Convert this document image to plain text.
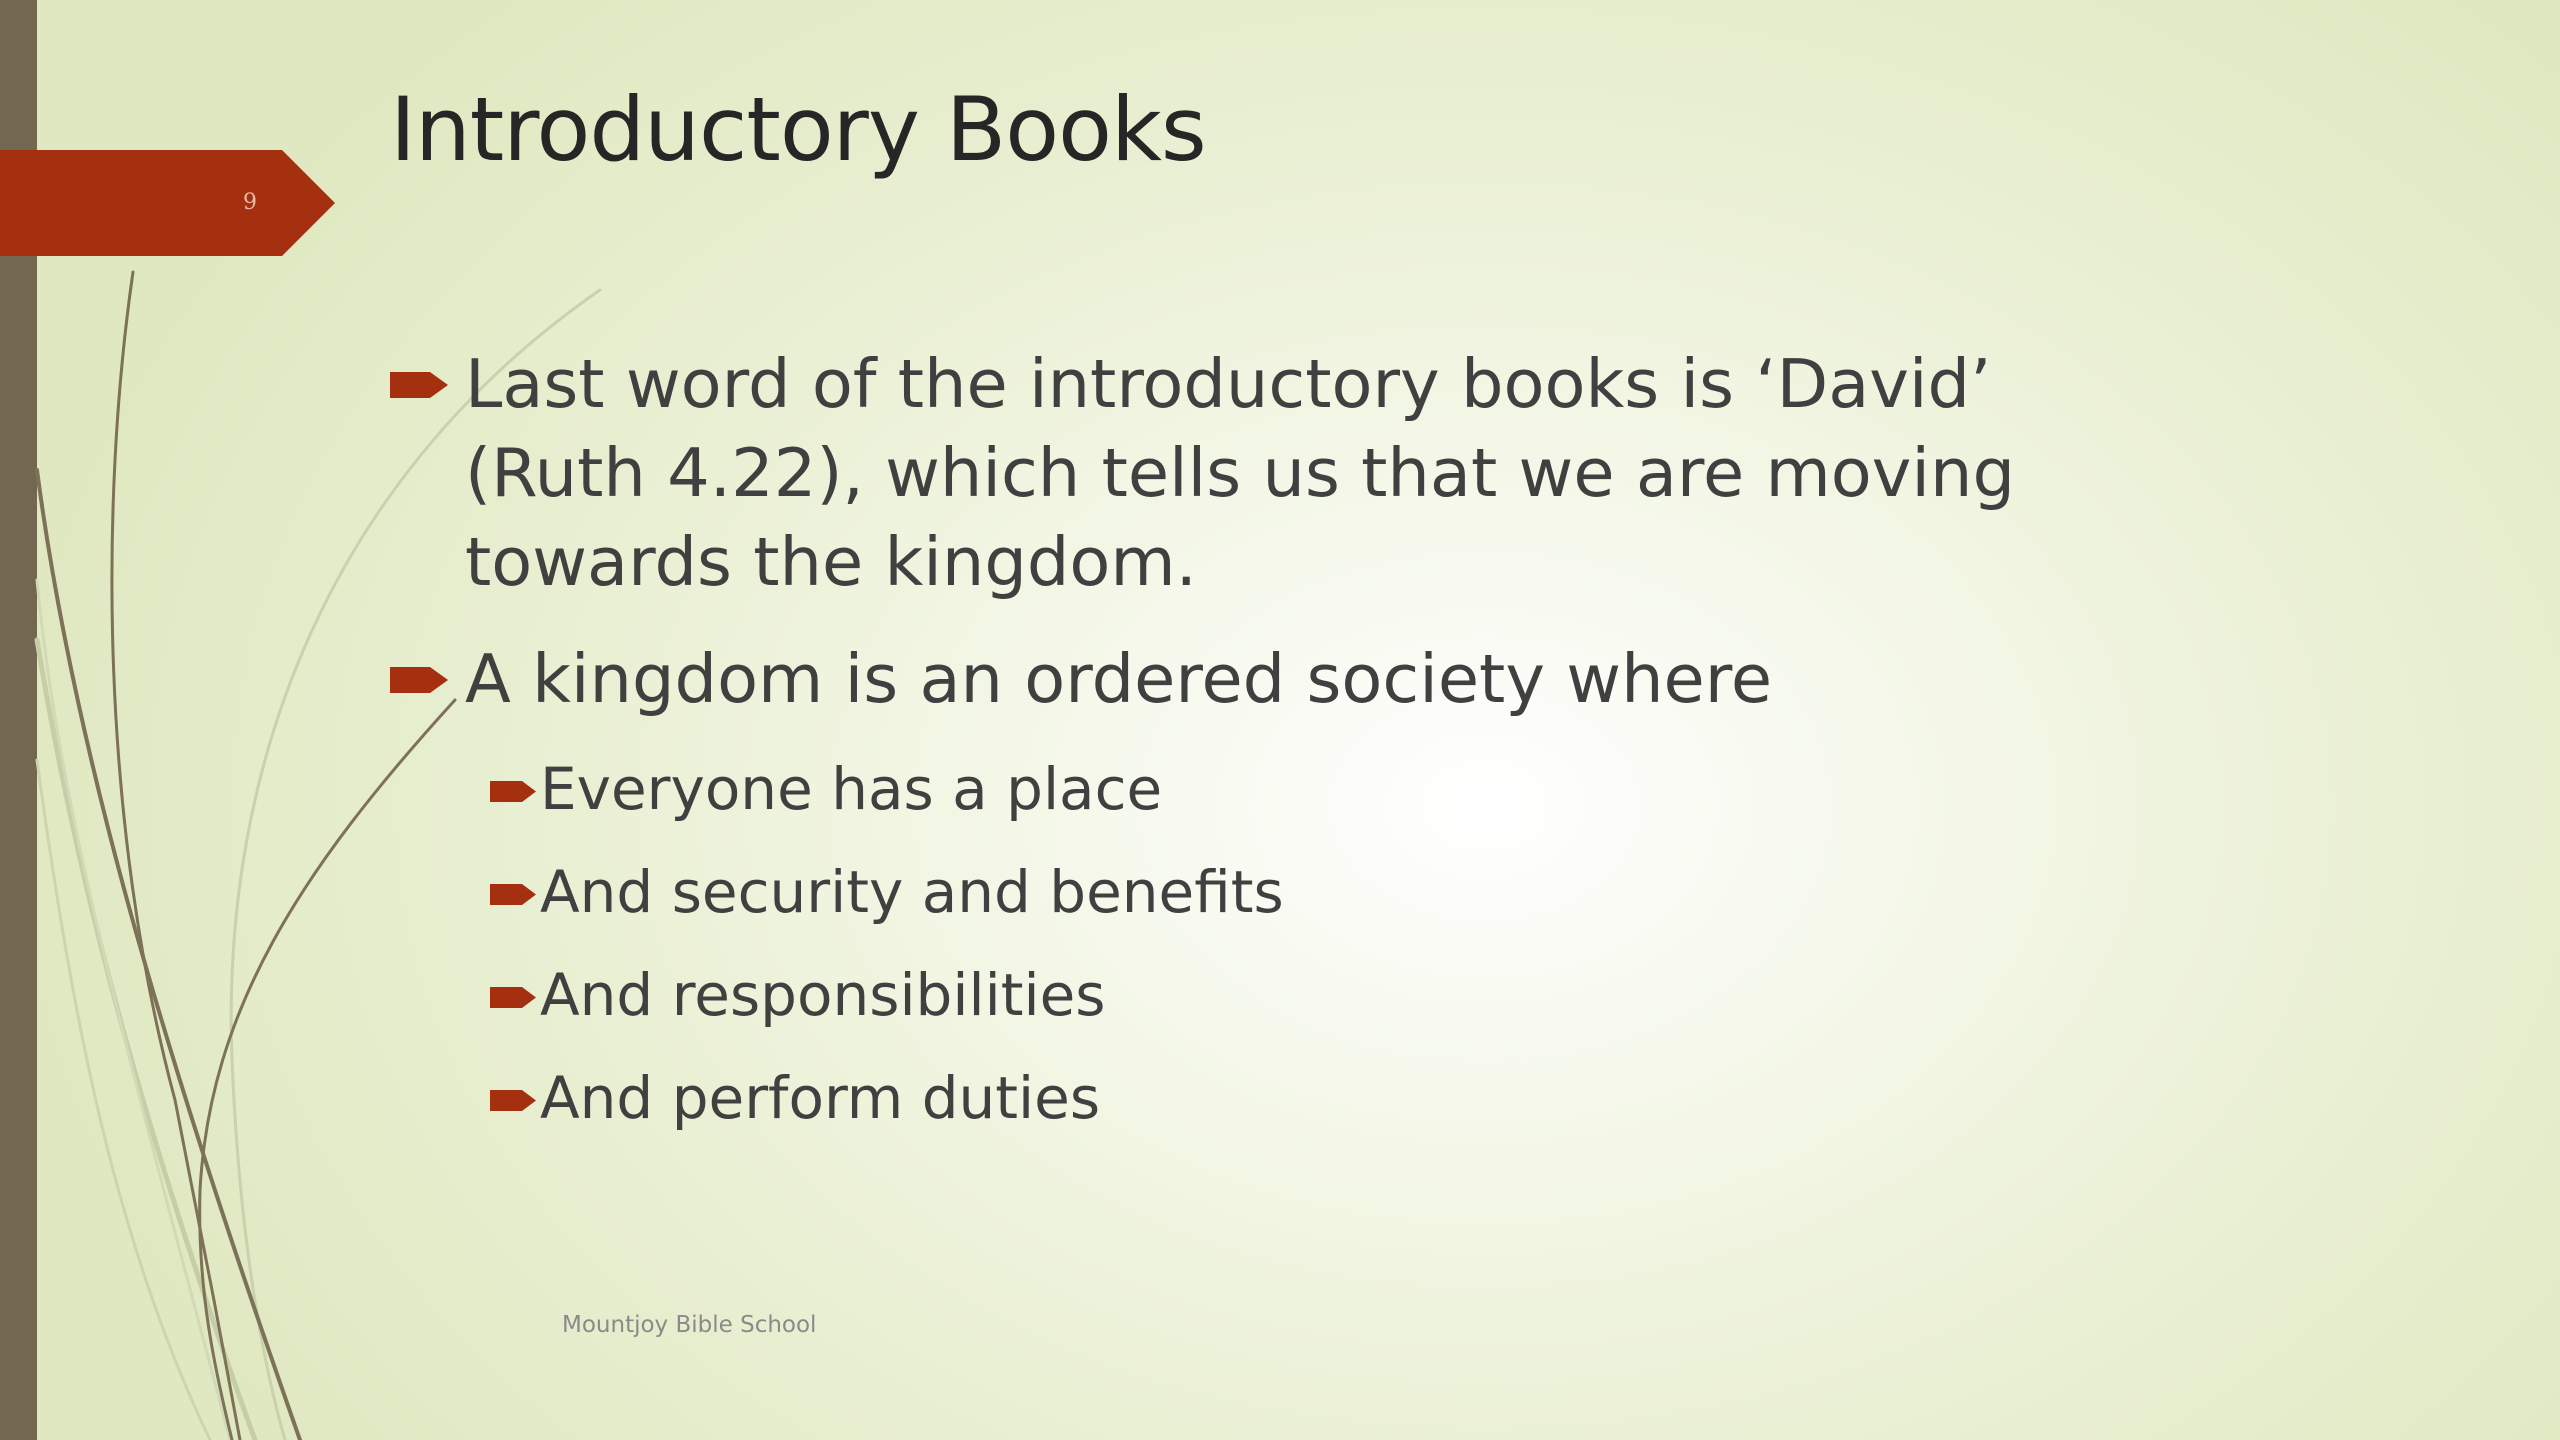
9
Introductory Books
Last word of the introductory books is ‘David’
(Ruth 4.22), which tells us that we are moving
towards the kingdom.
A kingdom is an ordered society where
Everyone has a place
And security and benefits
And responsibilities
And perform duties
Mountjoy Bible School
